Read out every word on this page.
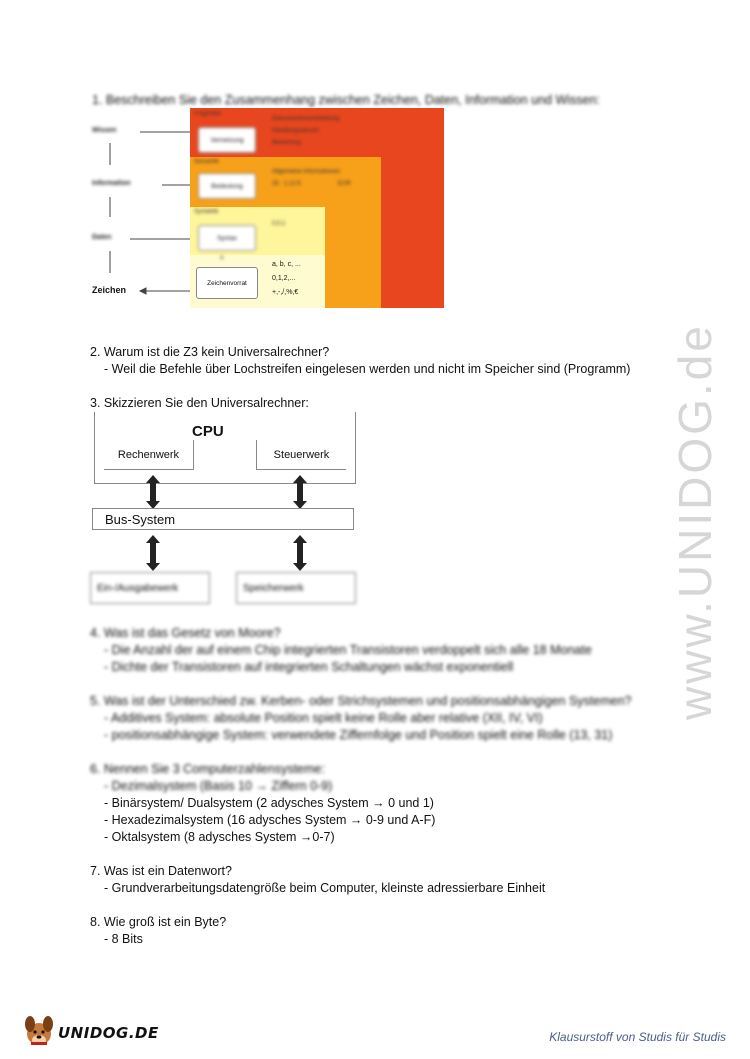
www.UNIDOG.de
1. Beschreiben Sie den Zusammenhang zwischen Zeichen, Daten, Information und Wissen:
Pragmatik
Vernetzung
Dokumentenverarbeitung
Handlungswissen
Bewertung
Semantik
Bedeutung
Allgemeine Informationen
25 · 1.12 €	EUR
Syntaktik
Syntax
0,0,1
a
Wissen
Information
Daten
Zeichenvorrat
a, b, c, ...
0,1,2,...
+,-,/,%,€
Zeichen
2. Warum ist die Z3 kein Universalrechner?
- Weil die Befehle über Lochstreifen eingelesen werden und nicht im Speicher sind (Programm)
3. Skizzieren Sie den Universalrechner:
CPU
Rechenwerk	Steuerwerk
Bus-System
Ein-/Ausgabewerk	Speicherwerk
4. Was ist das Gesetz von Moore?
- Die Anzahl der auf einem Chip integrierten Transistoren verdoppelt sich alle 18 Monate
- Dichte der Transistoren auf integrierten Schaltungen wächst exponentiell
5. Was ist der Unterschied zw. Kerben- oder Strichsystemen und positionsabhängigen Systemen?
- Additives System: absolute Position spielt keine Rolle aber relative (XII, IV, VI)
- positionsabhängige System: verwendete Ziffernfolge und Position spielt eine Rolle (13, 31)
6. Nennen Sie 3 Computerzahlensysteme:
- Dezimalsystem (Basis 10 → Ziffern 0-9)
- Binärsystem/ Dualsystem (2 adysches System → 0 und 1)
- Hexadezimalsystem (16 adysches System → 0-9 und A-F)
- Oktalsystem (8 adysches System →0-7)
7. Was ist ein Datenwort?
- Grundverarbeitungsdatengröße beim Computer, kleinste adressierbare Einheit
8. Wie groß ist ein Byte?
- 8 Bits
UNIDOG.DE	Klausurstoff von Studis für Studis
